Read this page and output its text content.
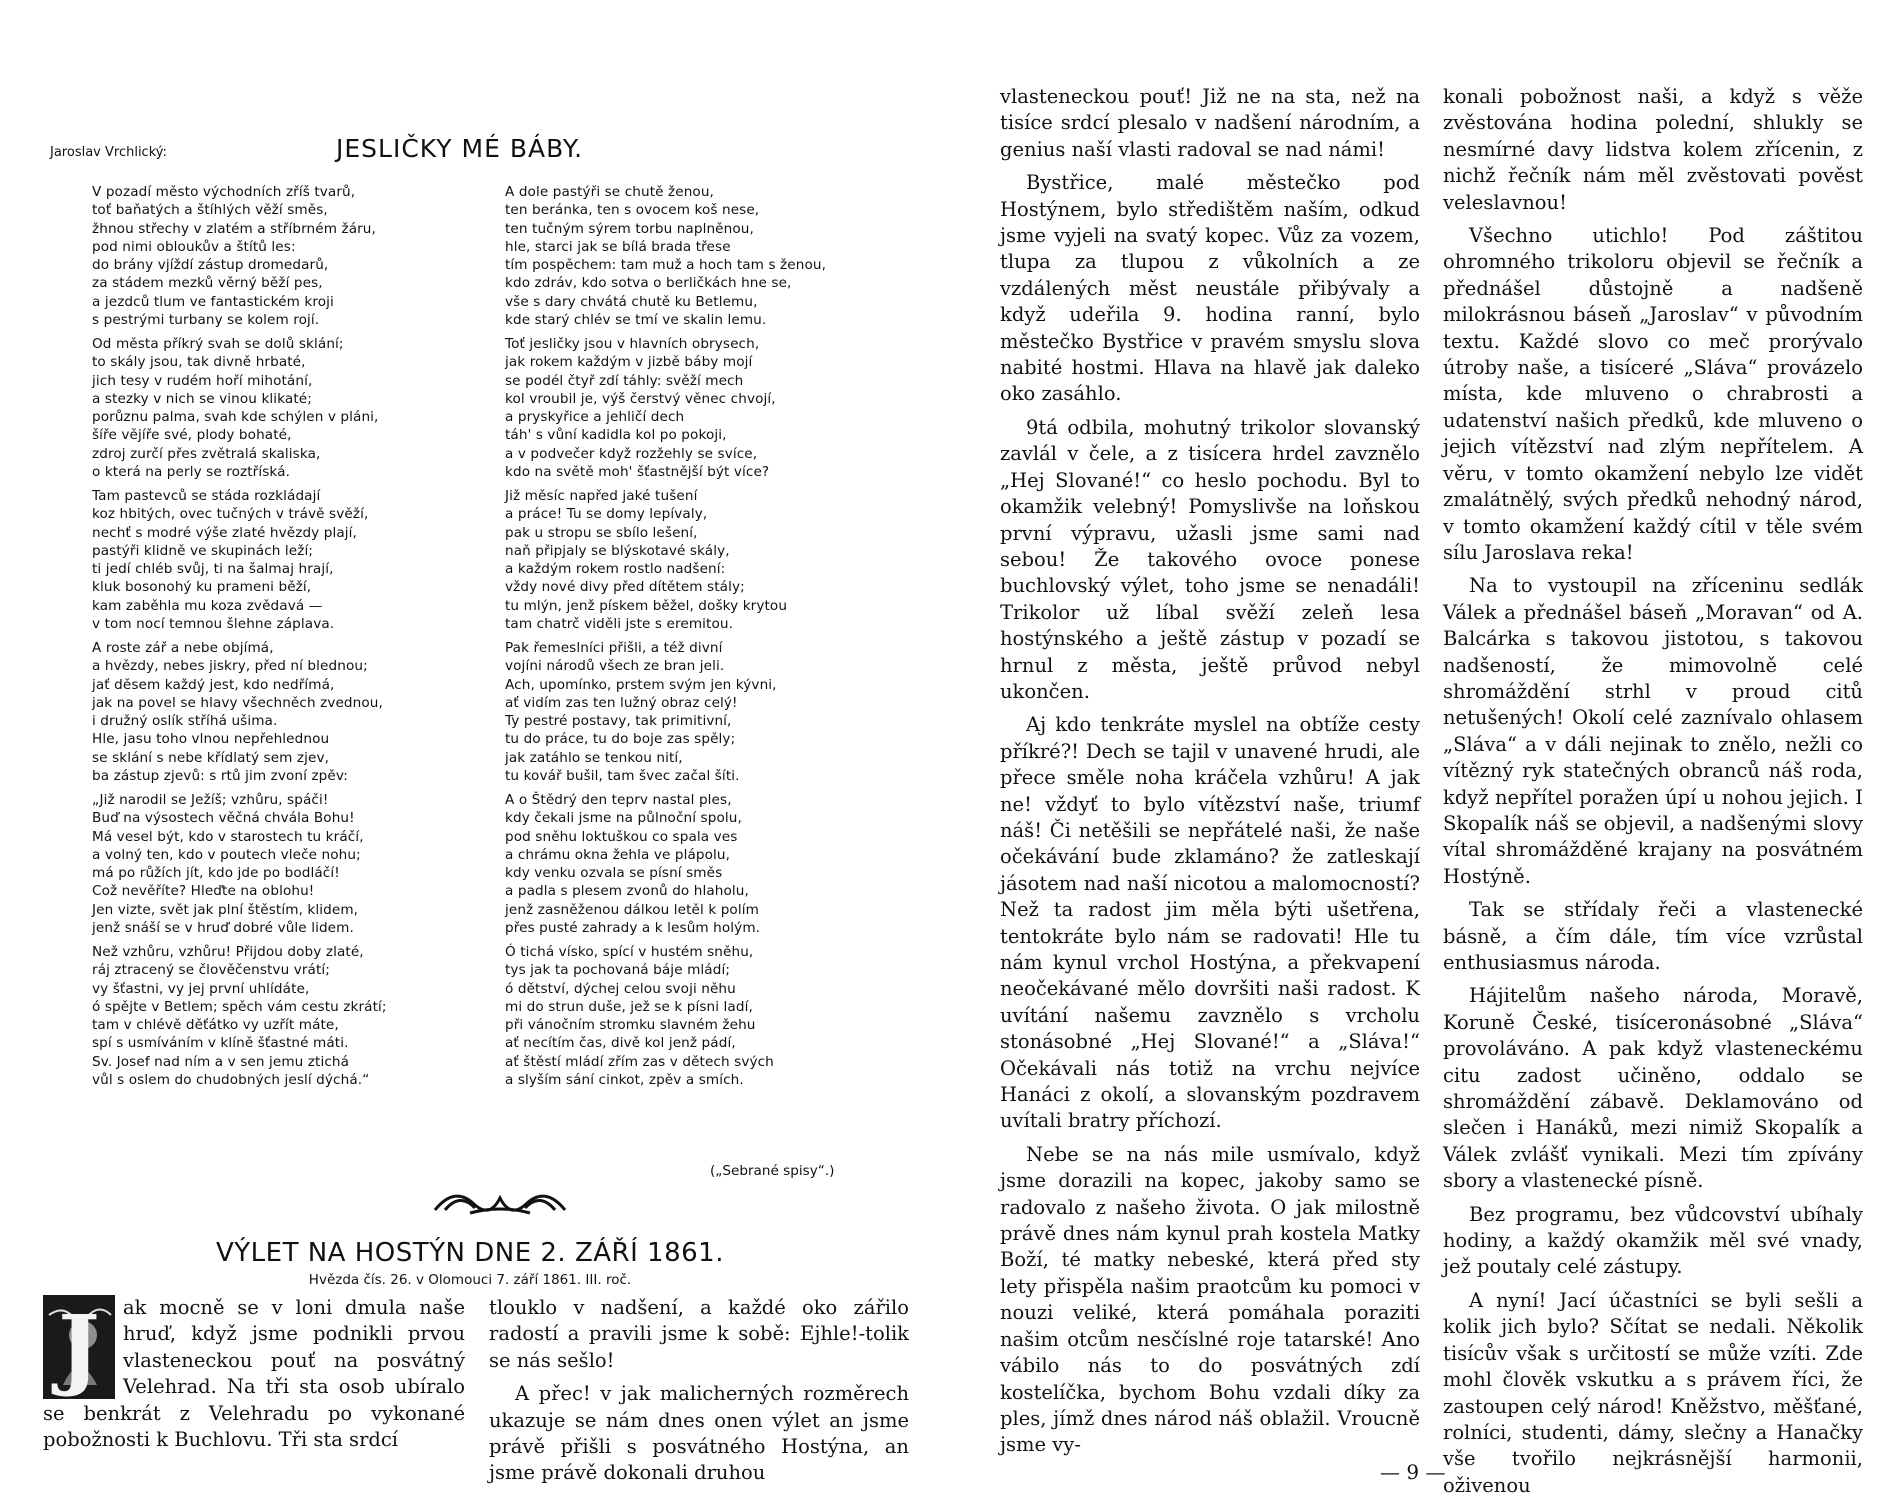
Jaroslav Vrchlický:	JESLIČKY MÉ BÁBY.
V pozadí město východních zříš tvarů,
toť baňatých a štíhlých věží směs,
žhnou střechy v zlatém a stříbrném žáru,
pod nimi obloukův a štítů les:
do brány vjíždí zástup dromedarů,
za stádem mezků věrný běží pes,
a jezdců tlum ve fantastickém kroji
s pestrými turbany se kolem rojí.
Od města příkrý svah se dolů sklání;
to skály jsou, tak divně hrbaté,
jich tesy v rudém hoří mihotání,
a stezky v nich se vinou klikaté;
porůznu palma, svah kde schýlen v pláni,
šíře vějíře své, plody bohaté,
zdroj zurčí přes zvětralá skaliska,
o která na perly se roztříská.
Tam pastevců se stáda rozkládají
koz hbitých, ovec tučných v trávě svěží,
nechť s modré výše zlaté hvězdy plají,
pastýři klidně ve skupinách leží;
ti jedí chléb svůj, ti na šalmaj hrají,
kluk bosonohý ku prameni běží,
kam zaběhla mu koza zvědavá —
v tom nocí temnou šlehne záplava.
A roste zář a nebe objímá,
a hvězdy, nebes jiskry, před ní blednou;
jať děsem každý jest, kdo nedřímá,
jak na povel se hlavy všechněch zvednou,
i družný oslík stříhá ušima.
Hle, jasu toho vlnou nepřehlednou
se sklání s nebe křídlatý sem zjev,
ba zástup zjevů: s rtů jim zvoní zpěv:
„Již narodil se Ježíš; vzhůru, spáči!
Buď na výsostech věčná chvála Bohu!
Má vesel být, kdo v starostech tu kráčí,
a volný ten, kdo v poutech vleče nohu;
má po růžích jít, kdo jde po bodláčí!
Což nevěříte? Hleďte na oblohu!
Jen vizte, svět jak plní štěstím, klidem,
jenž snáší se v hruď dobré vůle lidem.
Než vzhůru, vzhůru! Přijdou doby zlaté,
ráj ztracený se člověčenstvu vrátí;
vy šťastni, vy jej první uhlídáte,
ó spějte v Betlem; spěch vám cestu zkrátí;
tam v chlévě děťátko vy uzřít máte,
spí s usmíváním v klíně šťastné máti.
Sv. Josef nad ním a v sen jemu ztichá
vůl s oslem do chudobných jeslí dýchá.“
A dole pastýři se chutě ženou,
ten beránka, ten s ovocem koš nese,
ten tučným sýrem torbu naplněnou,
hle, starci jak se bílá brada třese
tím pospěchem: tam muž a hoch tam s ženou,
kdo zdráv, kdo sotva o berličkách hne se,
vše s dary chvátá chutě ku Betlemu,
kde starý chlév se tmí ve skalin lemu.
Toť jesličky jsou v hlavních obrysech,
jak rokem každým v jizbě báby mojí
se podél čtyř zdí táhly: svěží mech
kol vroubil je, výš čerstvý věnec chvojí,
a pryskyřice a jehličí dech
táh' s vůní kadidla kol po pokoji,
a v podvečer když rozžehly se svíce,
kdo na světě moh' šťastnější být více?
Již měsíc napřed jaké tušení
a práce! Tu se domy lepívaly,
pak u stropu se sbílo lešení,
naň připjaly se blýskotavé skály,
a každým rokem rostlo nadšení:
vždy nové divy před dítětem stály;
tu mlýn, jenž pískem běžel, došky krytou
tam chatrč viděli jste s eremitou.
Pak řemeslníci přišli, a též divní
vojíni národů všech ze bran jeli.
Ach, upomínko, prstem svým jen kývni,
ať vidím zas ten lužný obraz celý!
Ty pestré postavy, tak primitivní,
tu do práce, tu do boje zas spěly;
jak zatáhlo se tenkou nití,
tu kovář bušil, tam švec začal šíti.
A o Štědrý den teprv nastal ples,
kdy čekali jsme na půlnoční spolu,
pod sněhu loktuškou co spala ves
a chrámu okna žehla ve plápolu,
kdy venku ozvala se písní směs
a padla s plesem zvonů do hlaholu,
jenž zasněženou dálkou letěl k polím
přes pusté zahrady a k lesům holým.
Ó tichá vísko, spící v hustém sněhu,
tys jak ta pochovaná báje mládí;
ó dětství, dýchej celou svoji něhu
mi do strun duše, jež se k písni ladí,
při vánočním stromku slavném žehu
ať necítím čas, divě kol jenž pádí,
ať štěstí mládí zřím zas v dětech svých
a slyším sání cinkot, zpěv a smích.
(„Sebrané spisy“.)
VÝLET NA HOSTÝN DNE 2. ZÁŘÍ 1861.
Hvězda čís. 26. v Olomouci 7. září 1861. III. roč.
J	ak mocně se v loni dmula naše hruď, když jsme podnikli prvou vlasteneckou pouť na posvátný Velehrad. Na tři sta osob ubíralo se benkrát z Velehradu po vykonané pobožnosti k Buchlovu. Tři sta srdcí

tlouklo v nadšení, a každé oko zářilo radostí a pravili jsme k sobě: Ejhle!-tolik se nás sešlo!

A přec! v jak malicherných rozměrech ukazuje se nám dnes onen výlet an jsme právě přišli s posvátného Hostýna, an jsme právě dokonali druhou

vlasteneckou pouť! Již ne na sta, než na tisíce srdcí plesalo v nadšení národním, a genius naší vlasti radoval se nad námi!

Bystřice, malé městečko pod Hostýnem, bylo středištěm naším, odkud jsme vyjeli na svatý kopec. Vůz za vozem, tlupa za tlupou z vůkolních a ze vzdálených měst neustále přibývaly a když udeřila 9. hodina ranní, bylo městečko Bystřice v pravém smyslu slova nabité hostmi. Hlava na hlavě jak daleko oko zasáhlo.

9tá odbila, mohutný trikolor slovanský zavlál v čele, a z tisícera hrdel zavznělo „Hej Slované!“ co heslo pochodu. Byl to okamžik velebný! Pomyslivše na loňskou první výpravu, užasli jsme sami nad sebou! Že takového ovoce ponese buchlovský výlet, toho jsme se nenadáli! Trikolor už líbal svěží zeleň lesa hostýnského a ještě zástup v pozadí se hrnul z města, ještě průvod nebyl ukončen.

Aj kdo tenkráte myslel na obtíže cesty příkré?! Dech se tajil v unavené hrudi, ale přece směle noha kráčela vzhůru! A jak ne! vždyť to bylo vítězství naše, triumf náš! Či netěšili se nepřátelé naši, že naše očekávání bude zklamáno? že zatleskají jásotem nad naší nicotou a malomocností? Než ta radost jim měla býti ušetřena, tentokráte bylo nám se radovati! Hle tu nám kynul vrchol Hostýna, a překvapení neočekávané mělo dovršiti naši radost. K uvítání našemu zavznělo s vrcholu stonásobné „Hej Slované!“ a „Sláva!“ Očekávali nás totiž na vrchu nejvíce Hanáci z okolí, a slovanským pozdravem uvítali bratry příchozí.

Nebe se na nás mile usmívalo, když jsme dorazili na kopec, jakoby samo se radovalo z našeho života. O jak milostně právě dnes nám kynul prah kostela Matky Boží, té matky nebeské, která před sty lety přispěla našim praotcům ku pomoci v nouzi veliké, která pomáhala poraziti našim otcům nesčíslné roje tatarské! Ano vábilo nás to do posvátných zdí kostelíčka, bychom Bohu vzdali díky za ples, jímž dnes národ náš oblažil. Vroucně jsme vy-

konali pobožnost naši, a když s věže zvěstována hodina polední, shlukly se nesmírné davy lidstva kolem zřícenin, z nichž řečník nám měl zvěstovati pověst veleslavnou!

Všechno utichlo! Pod záštitou ohromného trikoloru objevil se řečník a přednášel důstojně a nadšeně milokrásnou báseň „Jaroslav“ v původním textu. Každé slovo co meč prorývalo útroby naše, a tisíceré „Sláva“ provázelo místa, kde mluveno o chrabrosti a udatenství našich předků, kde mluveno o jejich vítězství nad zlým nepřítelem. A věru, v tomto okamžení nebylo lze vidět zmalátnělý, svých předků nehodný národ, v tomto okamžení každý cítil v těle svém sílu Jaroslava reka!

Na to vystoupil na zříceninu sedlák Válek a přednášel báseň „Moravan“ od A. Balcárka s takovou jistotou, s takovou nadšeností, že mimovolně celé shromáždění strhl v proud citů netušených! Okolí celé zaznívalo ohlasem „Sláva“ a v dáli nejinak to znělo, nežli co vítězný ryk statečných obranců náš roda, když nepřítel poražen úpí u nohou jejich. I Skopalík náš se objevil, a nadšenými slovy vítal shromážděné krajany na posvátném Hostýně.

Tak se střídaly řeči a vlastenecké básně, a čím dále, tím více vzrůstal enthusiasmus národa.

Hájitelům našeho národa, Moravě, Koruně České, tisíceronásobné „Sláva“ provoláváno. A pak když vlasteneckému citu zadost učiněno, oddalo se shromáždění zábavě. Deklamováno od slečen i Hanáků, mezi nimiž Skopalík a Válek zvlášť vynikali. Mezi tím zpívány sbory a vlastenecké písně.

Bez programu, bez vůdcovství ubíhaly hodiny, a každý okamžik měl své vnady, jež poutaly celé zástupy.

A nyní! Jací účastníci se byli sešli a kolik jich bylo? Sčítat se nedali. Několik tisícův však s určitostí se může vzíti. Zde mohl člověk vskutku a s právem říci, že zastoupen celý národ! Kněžstvo, měšťané, rolníci, studenti, dámy, slečny a Hanačky vše tvořilo nejkrásnější harmonii, oživenou

— 9 —
